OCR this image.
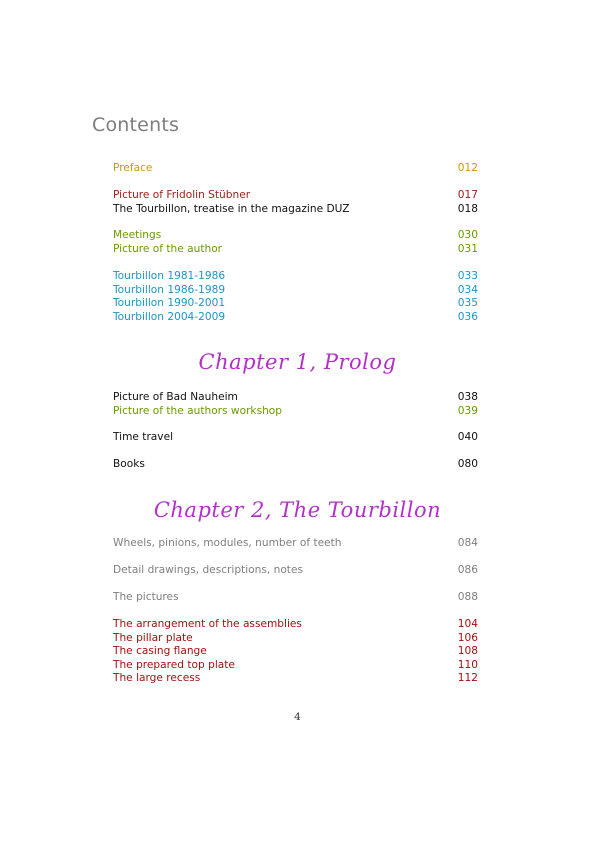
Contents
Preface	012
Picture of Fridolin Stübner	017
The Tourbillon, treatise in the magazine DUZ	018
Meetings	030
Picture of the author	031
Tourbillon 1981-1986	033
Tourbillon 1986-1989	034
Tourbillon 1990-2001	035
Tourbillon 2004-2009	036
Chapter 1, Prolog
Picture of Bad Nauheim	038
Picture of the authors workshop	039
Time travel	040
Books	080
Chapter 2, The Tourbillon
Wheels, pinions, modules, number of teeth	084
Detail drawings, descriptions, notes	086
The pictures	088
The arrangement of the assemblies	104
The pillar plate	106
The casing flange	108
The prepared top plate	110
The large recess	112
4
